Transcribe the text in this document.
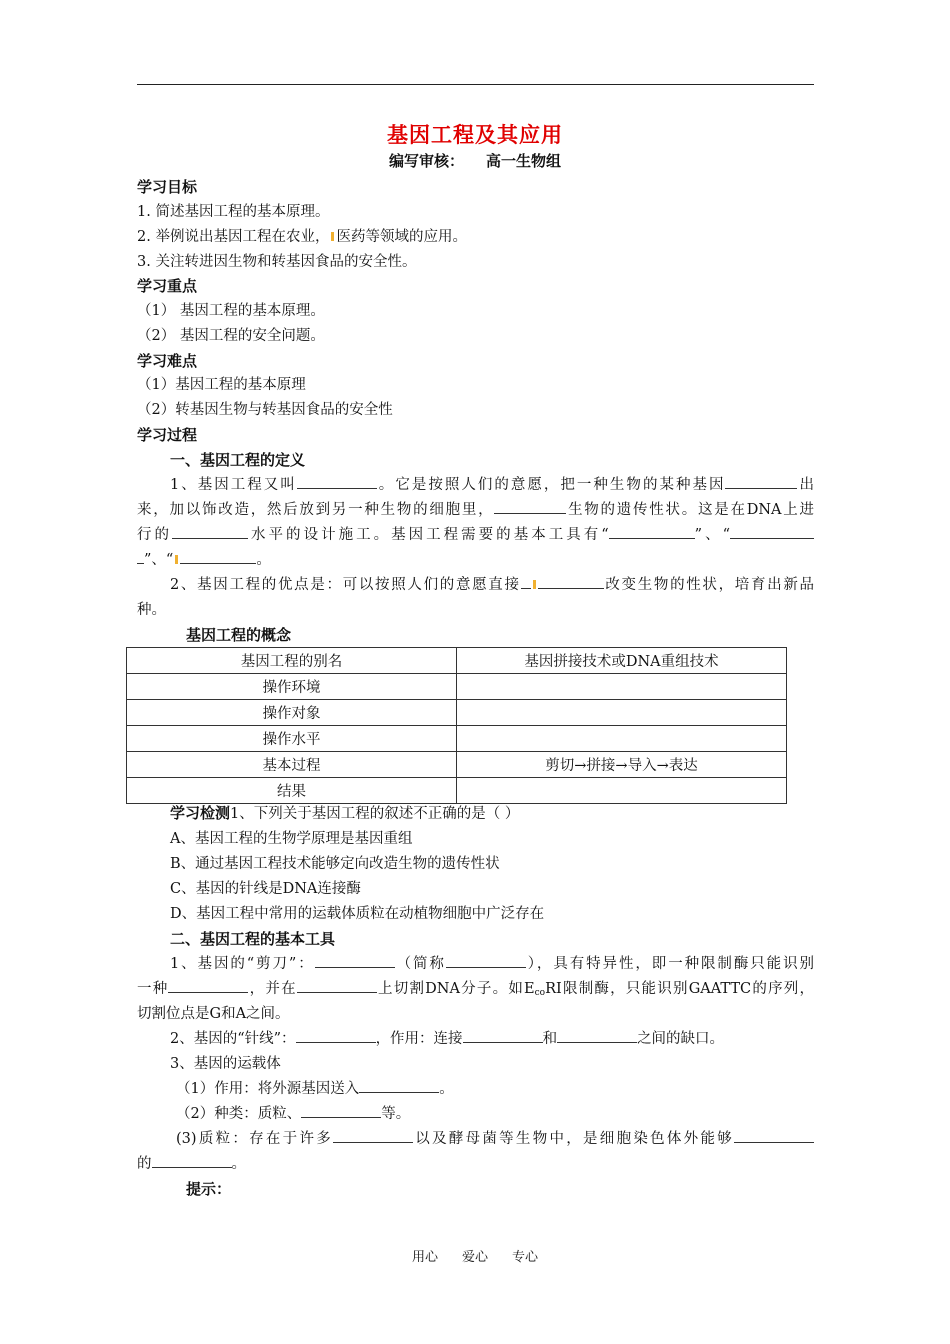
基因工程及其应用
编写审核： 高一生物组
学习目标
1. 简述基因工程的基本原理。
2. 举例说出基因工程在农业， 医药等领域的应用。
3. 关注转进因生物和转基因食品的安全性。
学习重点
（1） 基因工程的基本原理。
（2） 基因工程的安全问题。
学习难点
（1）基因工程的基本原理
（2）转基因生物与转基因食品的安全性
学习过程
一、基因工程的定义
1、基因工程又叫	。它是按照人们的意愿，把一种生物的某种基因	出
来，加以饰改造，然后放到另一种生物的细胞里，	生物的遗传性状。这是在DNA上进
行的	水平的设计施工。基因工程需要的基本工具有“	”、“
”、“	。
2、基因工程的优点是：可以按照人们的意愿直接	改变生物的性状，培育出新品
种。
基因工程的概念
基因工程的别名	基因拼接技术或DNA重组技术
操作环境	
操作对象	
操作水平	
基本过程	剪切→拼接→导入→表达
结果	
学习检测1、下列关于基因工程的叙述不正确的是（ ）
A、基因工程的生物学原理是基因重组
B、通过基因工程技术能够定向改造生物的遗传性状
C、基因的针线是DNA连接酶
D、基因工程中常用的运载体质粒在动植物细胞中广泛存在
二、基因工程的基本工具
1、基因的“剪刀”：	（简称	），具有特异性，即一种限制酶只能识别
一种	，并在	上切割DNA分子。如$E_{co}RI$限制酶，只能识别GAATTC的序列，
切割位点是G和A之间。
2、基因的“针线”：	，作用：连接	和	之间的缺口。
3、基因的运载体
（1）作用：将外源基因送入	。
（2）种类：质粒、	等。
(3)质粒：存在于许多	以及酵母菌等生物中，是细胞染色体外能够
的	。
提示：
用心 爱心 专心
